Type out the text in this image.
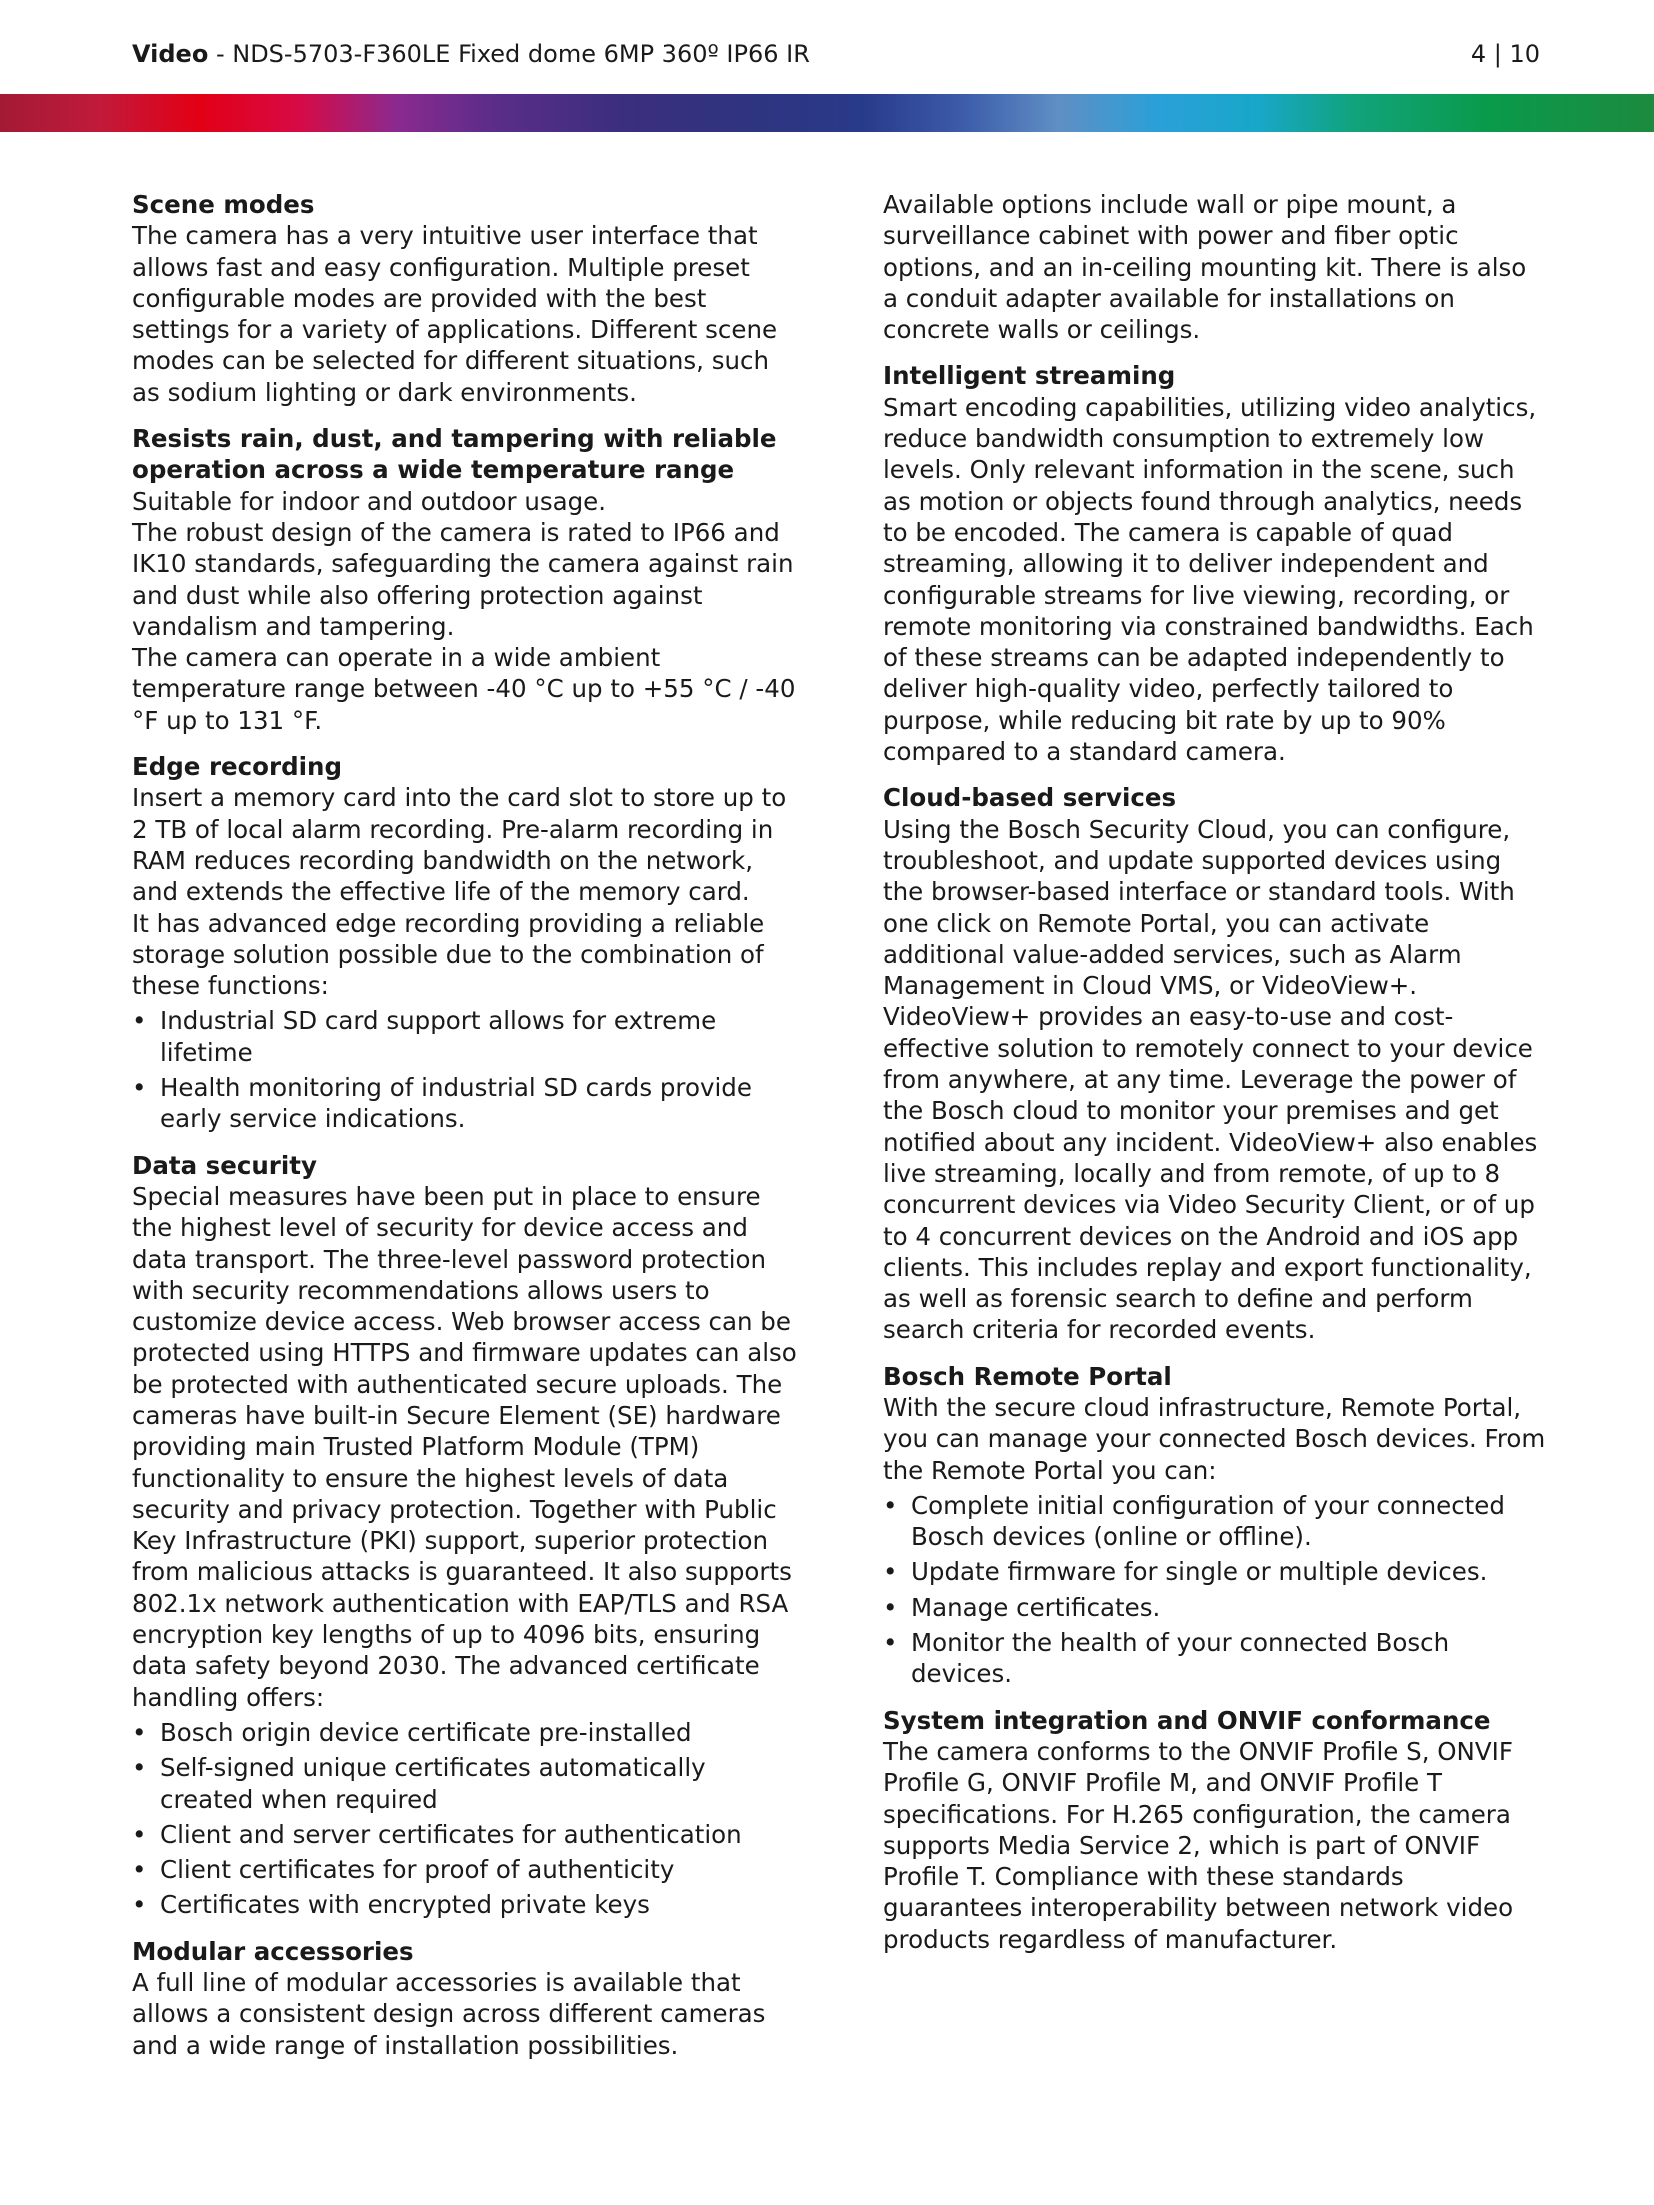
Video - NDS-5703-F360LE Fixed dome 6MP 360º IP66 IR	4 | 10
Scene modes

The camera has a very intuitive user interface that allows fast and easy configuration. Multiple preset configurable modes are provided with the best settings for a variety of applications. Different scene modes can be selected for different situations, such as sodium lighting or dark environments.

Resists rain, dust, and tampering with reliable operation across a wide temperature range

Suitable for indoor and outdoor usage.

The robust design of the camera is rated to IP66 and IK10 standards, safeguarding the camera against rain and dust while also offering protection against vandalism and tampering.

The camera can operate in a wide ambient temperature range between -40 °C up to +55 °C / -40 °F up to 131 °F.

Edge recording

Insert a memory card into the card slot to store up to 2 TB of local alarm recording. Pre-alarm recording in RAM reduces recording bandwidth on the network, and extends the effective life of the memory card.

It has advanced edge recording providing a reliable storage solution possible due to the combination of these functions:

• Industrial SD card support allows for extreme lifetime
• Health monitoring of industrial SD cards provide early service indications.
Data security

Special measures have been put in place to ensure the highest level of security for device access and data transport. The three-level password protection with security recommendations allows users to customize device access. Web browser access can be protected using HTTPS and firmware updates can also be protected with authenticated secure uploads. The cameras have built-in Secure Element (SE) hardware providing main Trusted Platform Module (TPM) functionality to ensure the highest levels of data security and privacy protection. Together with Public Key Infrastructure (PKI) support, superior protection from malicious attacks is guaranteed. It also supports 802.1x network authentication with EAP/TLS and RSA encryption key lengths of up to 4096 bits, ensuring data safety beyond 2030. The advanced certificate handling offers:

• Bosch origin device certificate pre-installed
• Self-signed unique certificates automatically created when required
• Client and server certificates for authentication
• Client certificates for proof of authenticity
• Certificates with encrypted private keys
Modular accessories

A full line of modular accessories is available that allows a consistent design across different cameras and a wide range of installation possibilities.

Available options include wall or pipe mount, a surveillance cabinet with power and fiber optic options, and an in-ceiling mounting kit. There is also a conduit adapter available for installations on concrete walls or ceilings.

Intelligent streaming

Smart encoding capabilities, utilizing video analytics, reduce bandwidth consumption to extremely low levels. Only relevant information in the scene, such as motion or objects found through analytics, needs to be encoded. The camera is capable of quad streaming, allowing it to deliver independent and configurable streams for live viewing, recording, or remote monitoring via constrained bandwidths. Each of these streams can be adapted independently to deliver high-quality video, perfectly tailored to purpose, while reducing bit rate by up to 90% compared to a standard camera.

Cloud-based services

Using the Bosch Security Cloud, you can configure, troubleshoot, and update supported devices using the browser-based interface or standard tools. With one click on Remote Portal, you can activate additional value-added services, such as Alarm Management in Cloud VMS, or VideoView+. VideoView+ provides an easy-to-use and cost-effective solution to remotely connect to your device from anywhere, at any time. Leverage the power of the Bosch cloud to monitor your premises and get notified about any incident. VideoView+ also enables live streaming, locally and from remote, of up to 8 concurrent devices via Video Security Client, or of up to 4 concurrent devices on the Android and iOS app clients. This includes replay and export functionality, as well as forensic search to define and perform search criteria for recorded events.

Bosch Remote Portal

With the secure cloud infrastructure, Remote Portal, you can manage your connected Bosch devices. From the Remote Portal you can:

• Complete initial configuration of your connected Bosch devices (online or offline).
• Update firmware for single or multiple devices.
• Manage certificates.
• Monitor the health of your connected Bosch devices.
System integration and ONVIF conformance

The camera conforms to the ONVIF Profile S, ONVIF Profile G, ONVIF Profile M, and ONVIF Profile T specifications. For H.265 configuration, the camera supports Media Service 2, which is part of ONVIF Profile T. Compliance with these standards guarantees interoperability between network video products regardless of manufacturer.
